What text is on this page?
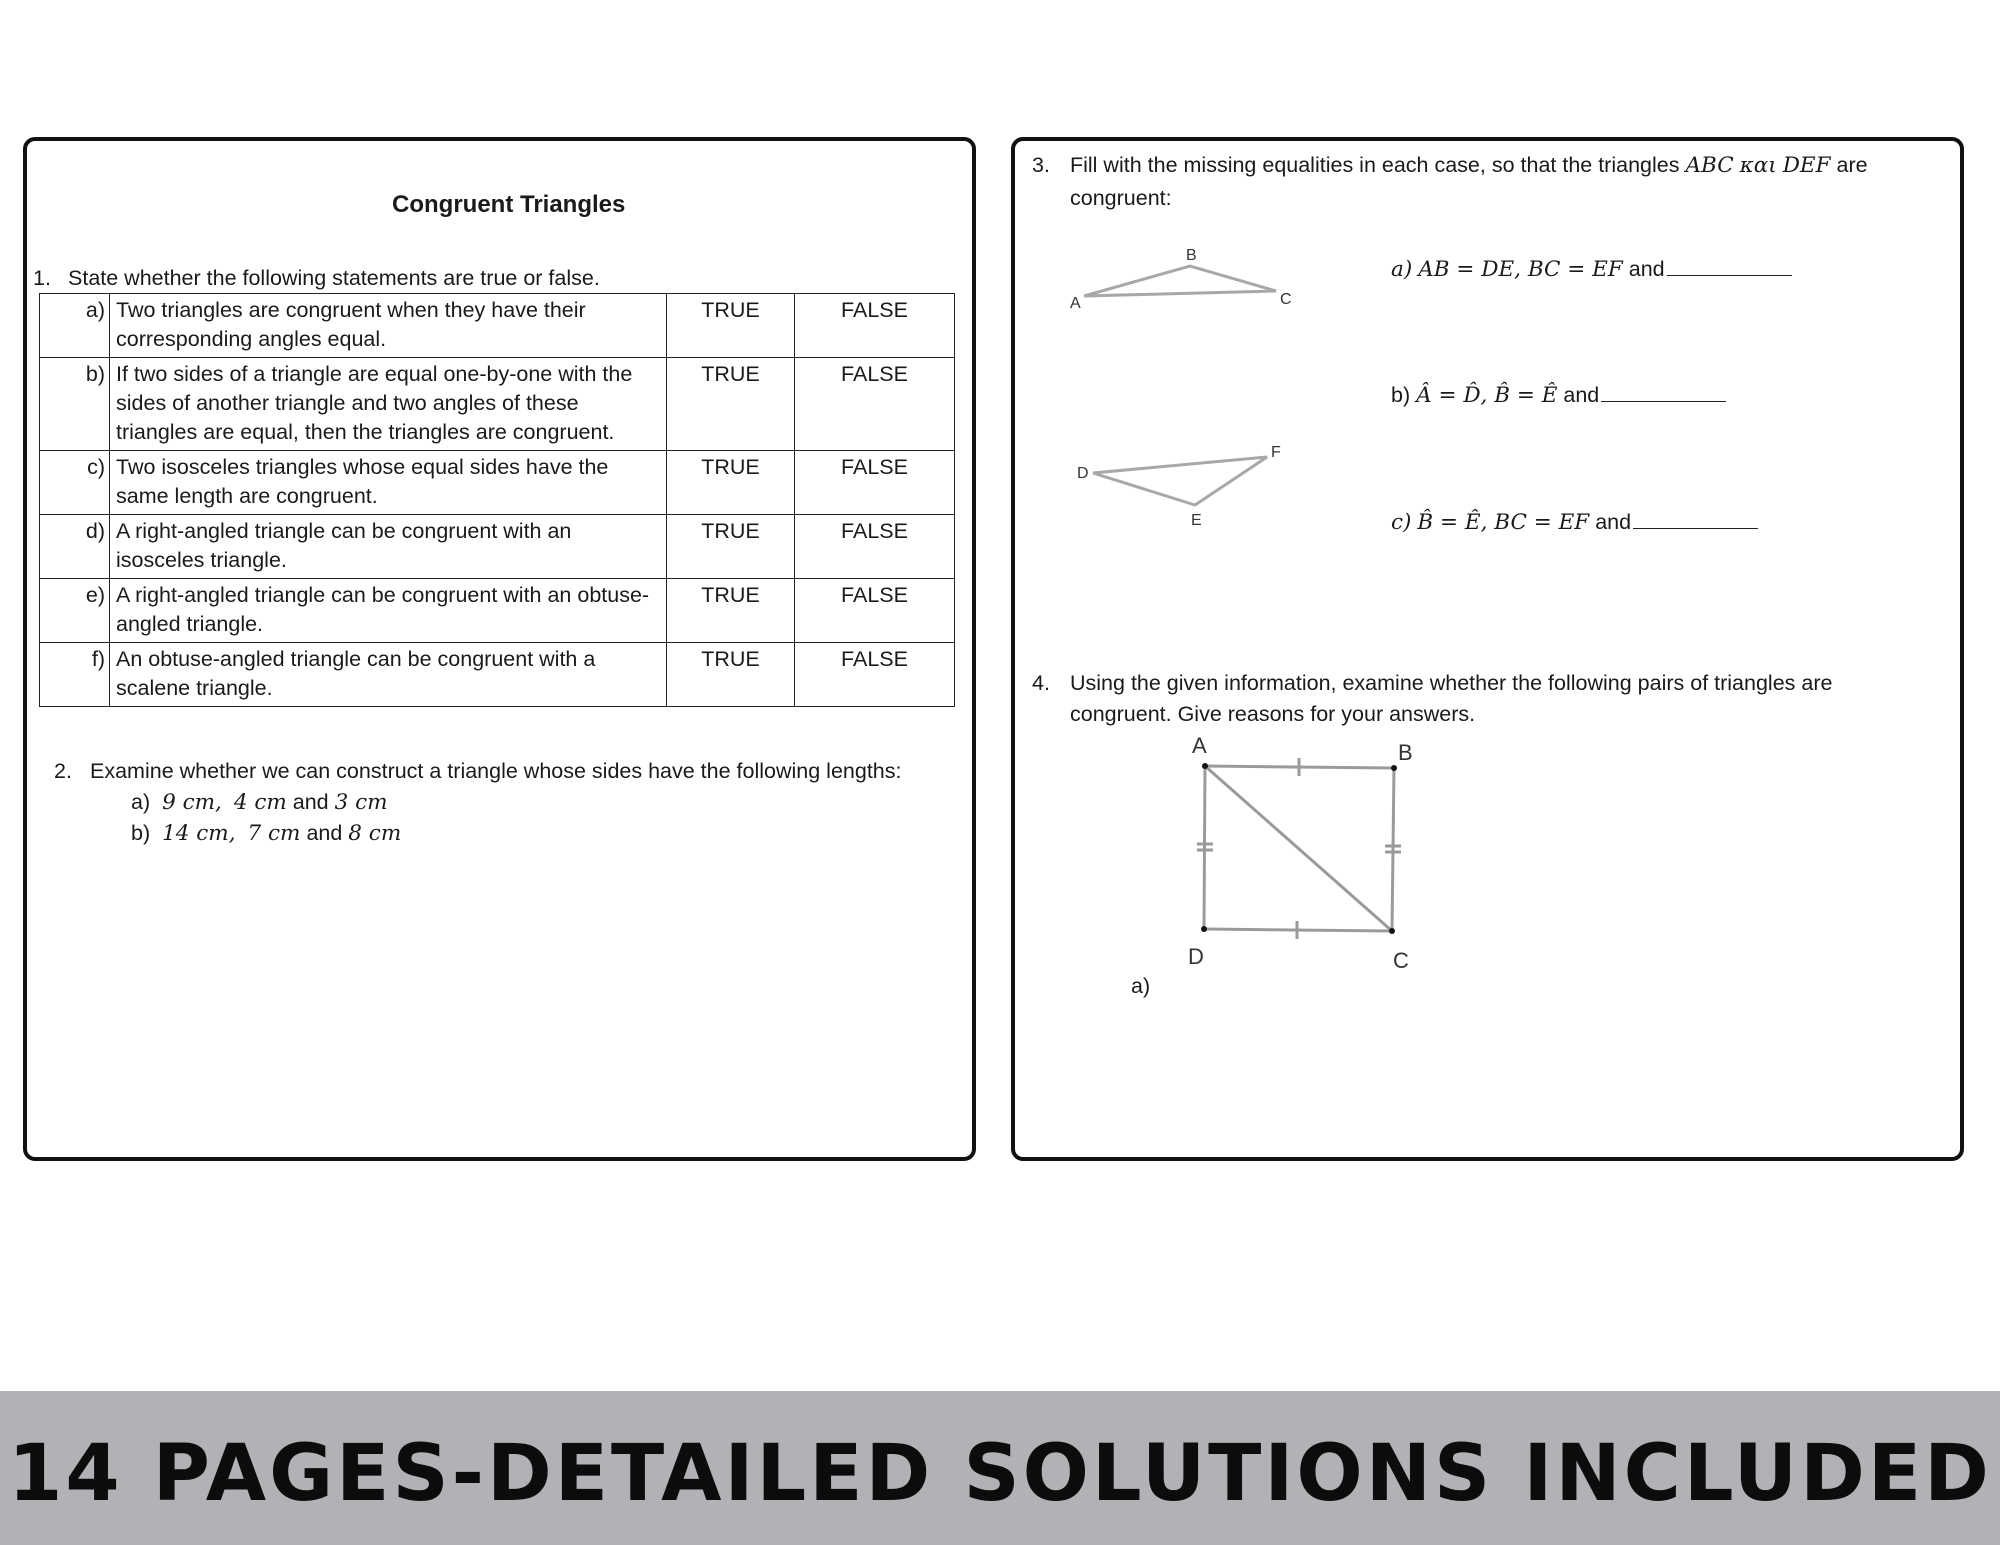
Congruent Triangles
1. State whether the following statements are true or false.
a)	Two triangles are congruent when they have their corresponding angles equal.	TRUE	FALSE
b)	If two sides of a triangle are equal one-by-one with the sides of another triangle and two angles of these triangles are equal, then the triangles are congruent.	TRUE	FALSE
c)	Two isosceles triangles whose equal sides have the same length are congruent.	TRUE	FALSE
d)	A right-angled triangle can be congruent with an isosceles triangle.	TRUE	FALSE
e)	A right-angled triangle can be congruent with an obtuse-angled triangle.	TRUE	FALSE
f)	An obtuse-angled triangle can be congruent with a scalene triangle.	TRUE	FALSE
2. Examine whether we can construct a triangle whose sides have the following lengths:
a) 9 cm, 4 cm and 3 cm
b) 14 cm, 7 cm and 8 cm
3. Fill with the missing equalities in each case, so that the triangles ABC και DEF are
congruent:
A
B
C
D
E
F
a) AB = DE, BC = EF and
b) Â = D̂, B̂ = Ê and
c) B̂ = Ê, BC = EF and
4. Using the given information, examine whether the following pairs of triangles are
congruent. Give reasons for your answers.
A	B
C
D
a)
14 PAGES-DETAILED SOLUTIONS INCLUDED
